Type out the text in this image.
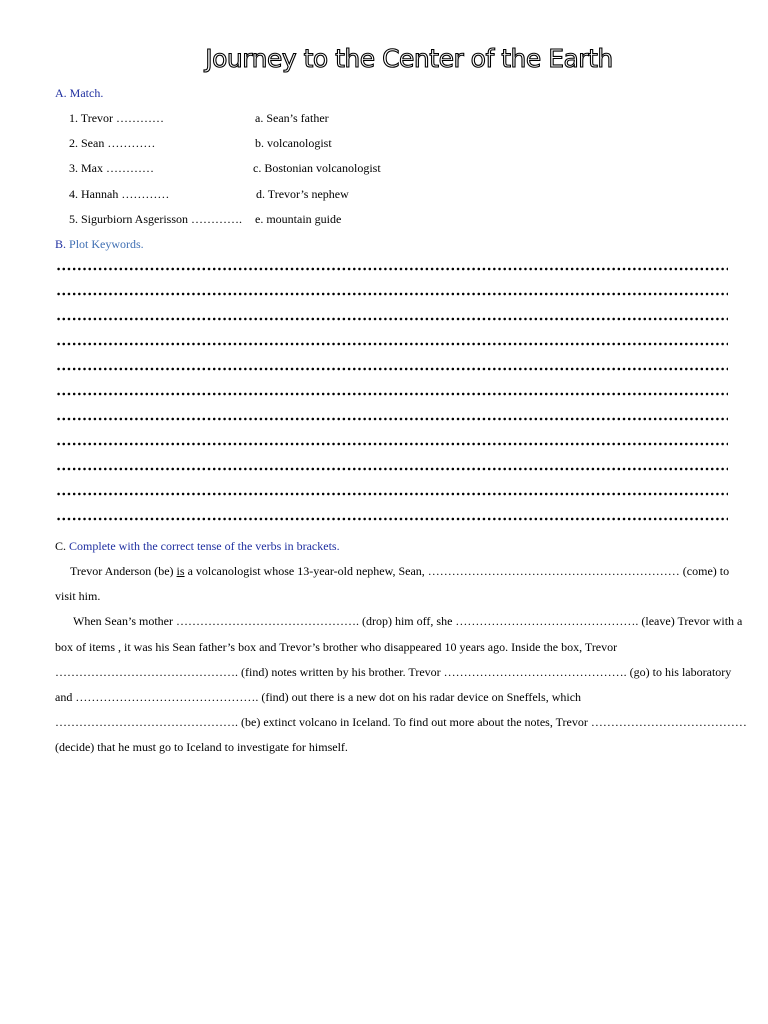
Journey to the Center of the Earth
A. Match.
1. Trevor …………
2. Sean …………
3. Max …………
4. Hannah …………
5. Sigurbiorn Asgerisson ………….
a. Sean’s father
b. volcanologist
c. Bostonian volcanologist
d. Trevor’s nephew
e. mountain guide
B. Plot Keywords.
C. Complete with the correct tense of the verbs in brackets.
Trevor Anderson (be) is a volcanologist whose 13-year-old nephew, Sean, ……………………………………………………… (come) to
visit him.
When Sean’s mother ………………………………………. (drop) him off, she ………………………………………. (leave) Trevor with a
box of items , it was his Sean father’s box and Trevor’s brother who disappeared 10 years ago. Inside the box, Trevor
………………………………………. (find) notes written by his brother. Trevor ………………………………………. (go) to his laboratory
and ………………………………………. (find) out there is a new dot on his radar device on Sneffels, which
………………………………………. (be) extinct volcano in Iceland. To find out more about the notes, Trevor …………………………………
(decide) that he must go to Iceland to investigate for himself.
